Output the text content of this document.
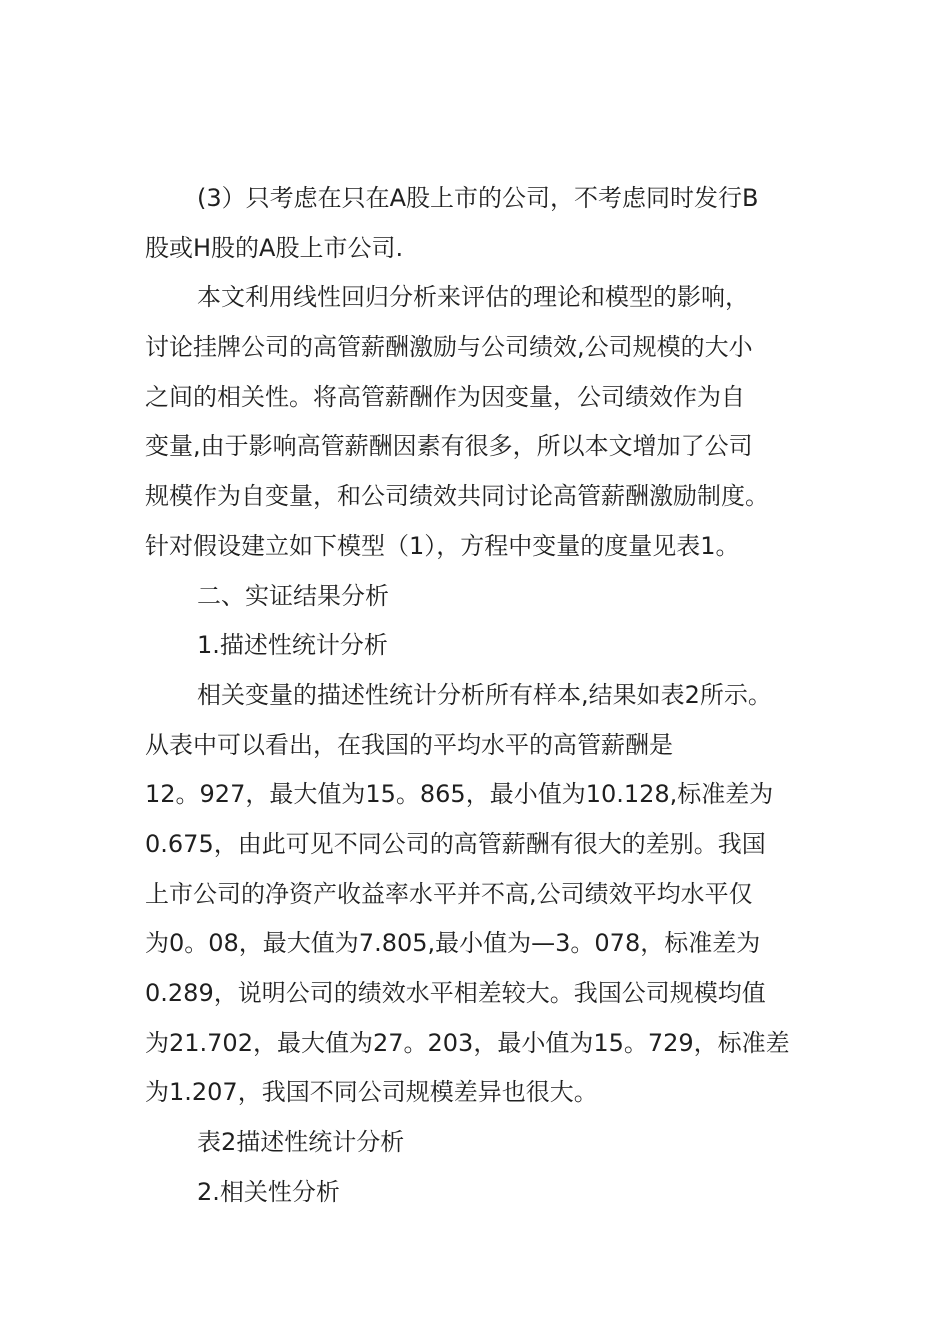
(3）只考虑在只在A股上市的公司，不考虑同时发行B
股或H股的A股上市公司.
本文利用线性回归分析来评估的理论和模型的影响，
讨论挂牌公司的高管薪酬激励与公司绩效,公司规模的大小
之间的相关性。将高管薪酬作为因变量，公司绩效作为自
变量,由于影响高管薪酬因素有很多，所以本文增加了公司
规模作为自变量，和公司绩效共同讨论高管薪酬激励制度。
针对假设建立如下模型（1），方程中变量的度量见表1。
二、实证结果分析
1.描述性统计分析
相关变量的描述性统计分析所有样本,结果如表2所示。
从表中可以看出，在我国的平均水平的高管薪酬是
12。927，最大值为15。865，最小值为10.128,标准差为
0.675，由此可见不同公司的高管薪酬有很大的差别。我国
上市公司的净资产收益率水平并不高,公司绩效平均水平仅
为0。08，最大值为7.805,最小值为—3。078，标准差为
0.289，说明公司的绩效水平相差较大。我国公司规模均值
为21.702，最大值为27。203，最小值为15。729，标准差
为1.207，我国不同公司规模差异也很大。
表2描述性统计分析
2.相关性分析
